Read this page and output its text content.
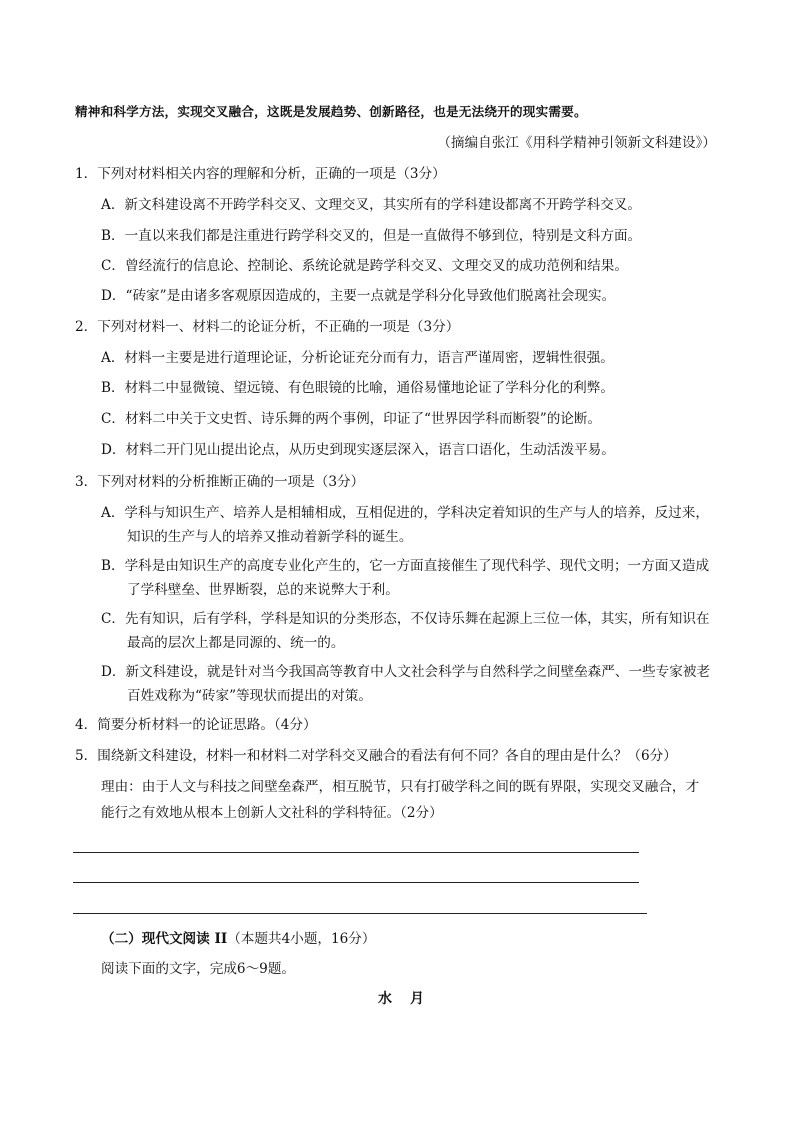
精神和科学方法，实现交叉融合，这既是发展趋势、创新路径，也是无法绕开的现实需要。
（摘编自张江《用科学精神引领新文科建设》）
1．下列对材料相关内容的理解和分析，正确的一项是（3分）
A．新文科建设离不开跨学科交叉、文理交叉，其实所有的学科建设都离不开跨学科交叉。
B．一直以来我们都是注重进行跨学科交叉的，但是一直做得不够到位，特别是文科方面。
C．曾经流行的信息论、控制论、系统论就是跨学科交叉、文理交叉的成功范例和结果。
D．“砖家”是由诸多客观原因造成的，主要一点就是学科分化导致他们脱离社会现实。
2．下列对材料一、材料二的论证分析，不正确的一项是（3分）
A．材料一主要是进行道理论证，分析论证充分而有力，语言严谨周密，逻辑性很强。
B．材料二中显微镜、望远镜、有色眼镜的比喻，通俗易懂地论证了学科分化的利弊。
C．材料二中关于文史哲、诗乐舞的两个事例，印证了“世界因学科而断裂”的论断。
D．材料二开门见山提出论点，从历史到现实逐层深入，语言口语化，生动活泼平易。
3．下列对材料的分析推断正确的一项是（3分）
A．学科与知识生产、培养人是相辅相成，互相促进的，学科决定着知识的生产与人的培养，反过来，
知识的生产与人的培养又推动着新学科的诞生。
B．学科是由知识生产的高度专业化产生的，它一方面直接催生了现代科学、现代文明；一方面又造成
了学科壁垒、世界断裂，总的来说弊大于利。
C．先有知识，后有学科，学科是知识的分类形态，不仅诗乐舞在起源上三位一体，其实，所有知识在
最高的层次上都是同源的、统一的。
D．新文科建设，就是针对当今我国高等教育中人文社会科学与自然科学之间壁垒森严、一些专家被老
百姓戏称为“砖家”等现状而提出的对策。
4．简要分析材料一的论证思路。（4分）
5．围绕新文科建设，材料一和材料二对学科交叉融合的看法有何不同？各自的理由是什么？（6分）
理由：由于人文与科技之间壁垒森严，相互脱节，只有打破学科之间的既有界限，实现交叉融合，才
能行之有效地从根本上创新人文社科的学科特征。（2分）
（二）现代文阅读 II（本题共4小题，16分）
阅读下面的文字，完成6～9题。
水月
